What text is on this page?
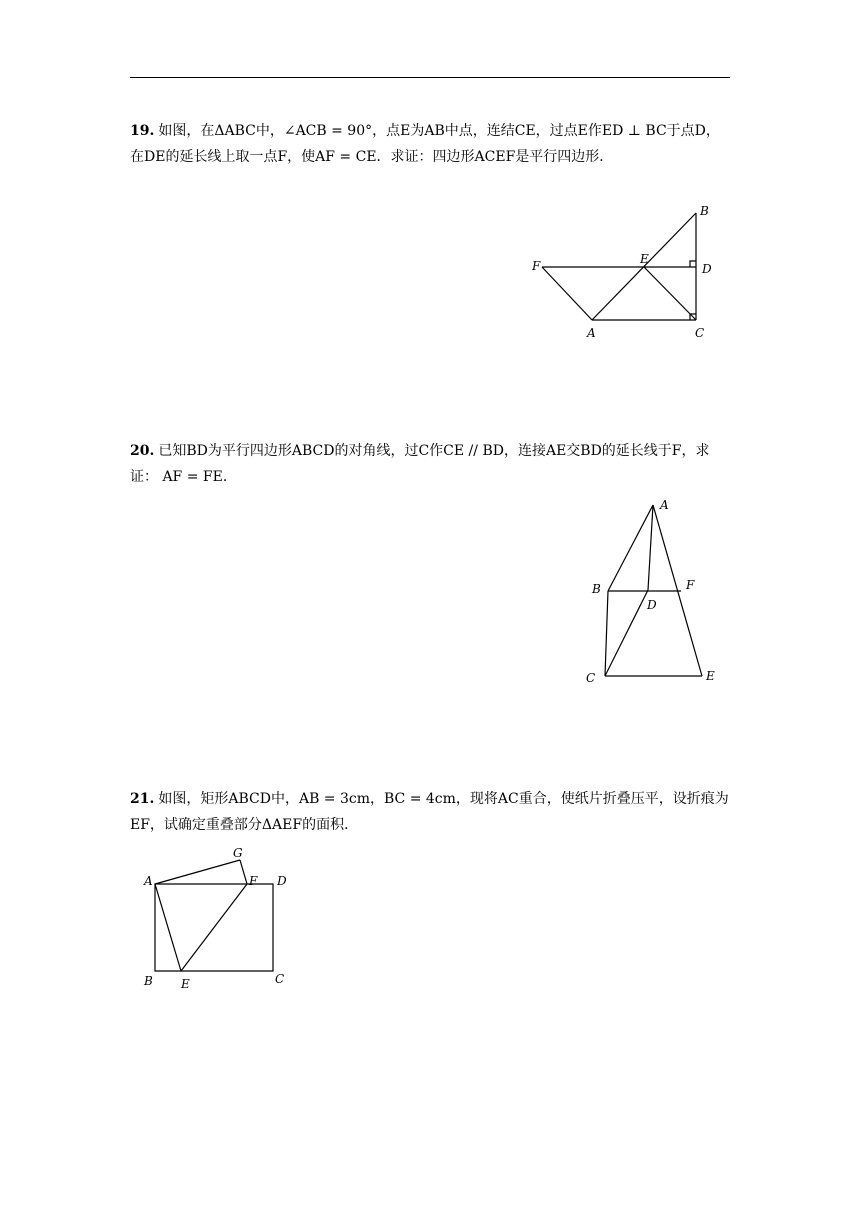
19. 如图，在ΔABC中，∠ACB = 90°，点E为AB中点，连结CE，过点E作ED ⊥ BC于点D，在DE的延长线上取一点F，使AF = CE．求证：四边形ACEF是平行四边形．
B
F	E
D
A	C
20. 已知BD为平行四边形ABCD的对角线，过C作CE // BD，连接AE交BD的延长线于F，求证： AF = FE．
A
B	F
D
C	E
21. 如图，矩形ABCD中，AB = 3cm，BC = 4cm，现将AC重合，使纸片折叠压平，设折痕为EF，试确定重叠部分ΔAEF的面积．
G
A	F D
B E	C
